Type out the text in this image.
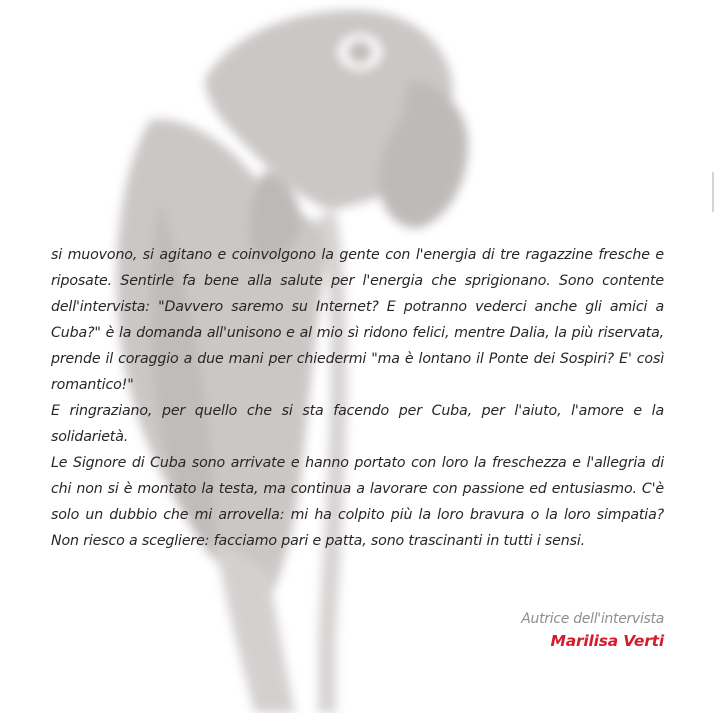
si muovono, si agitano e coinvolgono la gente con l'energia di tre ragazzine fresche e riposate. Sentirle fa bene alla salute per l'energia che sprigionano. Sono contente dell'intervista: "Davvero saremo su Internet? E potranno vederci anche gli amici a Cuba?" è la domanda all'unisono e al mio sì ridono felici, mentre Dalia, la più riservata, prende il coraggio a due mani per chiedermi "ma è lontano il Ponte dei Sospiri? E' così romantico!"
E ringraziano, per quello che si sta facendo per Cuba, per l'aiuto, l'amore e la solidarietà.
Le Signore di Cuba sono arrivate e hanno portato con loro la freschezza e l'allegria di chi non si è montato la testa, ma continua a lavorare con passione ed entusiasmo. C'è solo un dubbio che mi arrovella: mi ha colpito più la loro bravura o la loro simpatia? Non riesco a scegliere: facciamo pari e patta, sono trascinanti in tutti i sensi.
Autrice dell'intervista
Marilisa Verti
